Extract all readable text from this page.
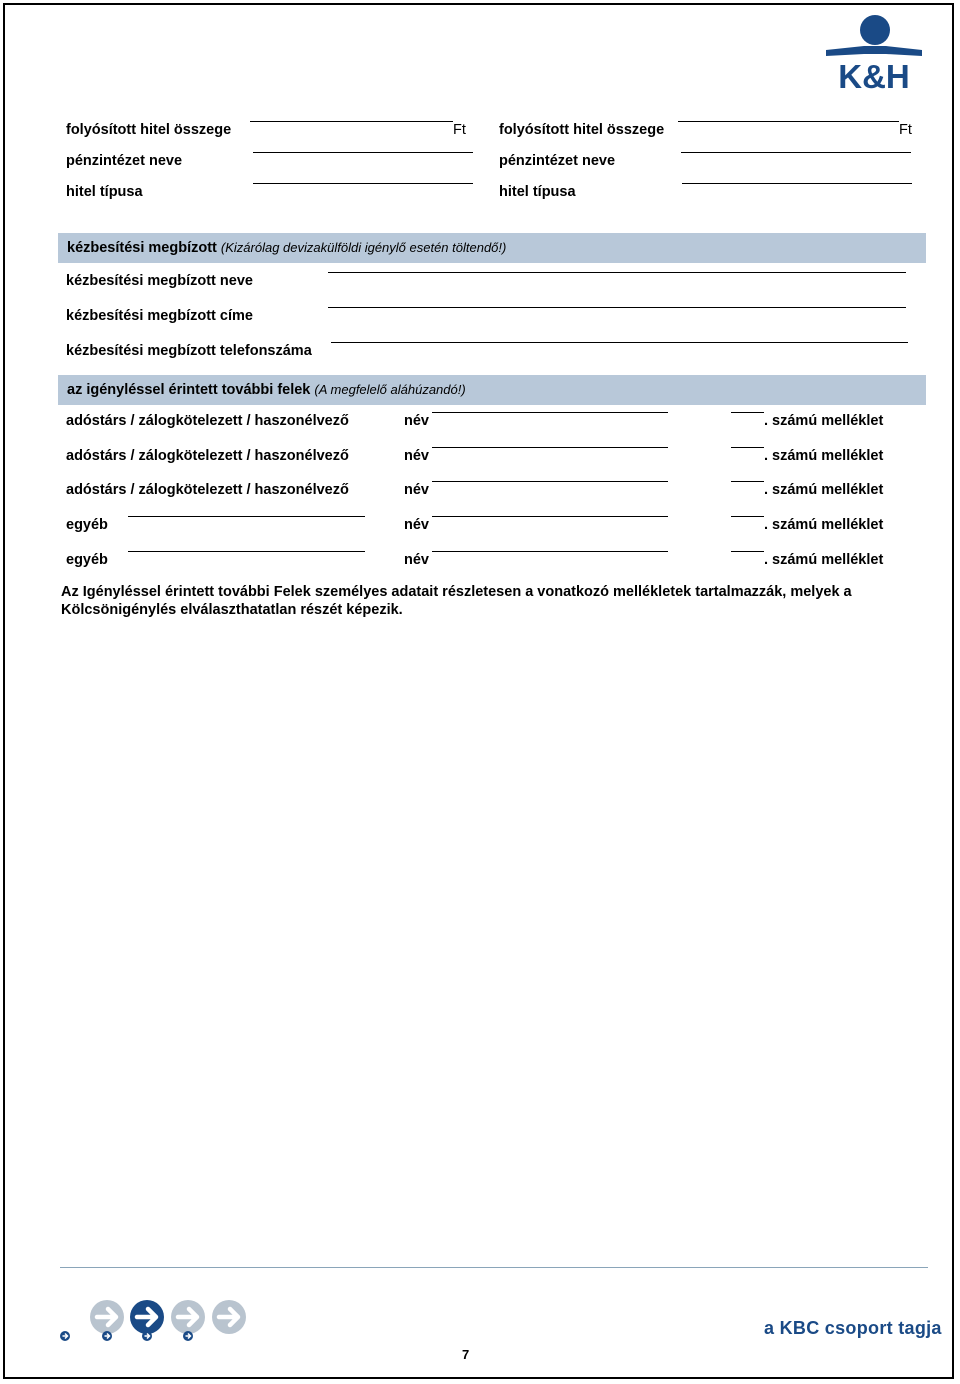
K&H
folyósított hitel összege	Ft
pénzintézet neve
hitel típusa
folyósított hitel összege	Ft
pénzintézet neve
hitel típusa
kézbesítési megbízott (Kizárólag devizakülföldi igénylő esetén töltendő!)
kézbesítési megbízott neve
kézbesítési megbízott címe
kézbesítési megbízott telefonszáma
az igényléssel érintett további felek (A megfelelő aláhúzandó!)
adóstárs / zálogkötelezett / haszonélvező	név	. számú melléklet
adóstárs / zálogkötelezett / haszonélvező	név	. számú melléklet
adóstárs / zálogkötelezett / haszonélvező	név	. számú melléklet
egyéb	név	. számú melléklet
egyéb	név	. számú melléklet
Az Igényléssel érintett további Felek személyes adatait részletesen a vonatkozó mellékletek tartalmazzák, melyek a Kölcsönigénylés elválaszthatatlan részét képezik.
7
a KBC csoport tagja
